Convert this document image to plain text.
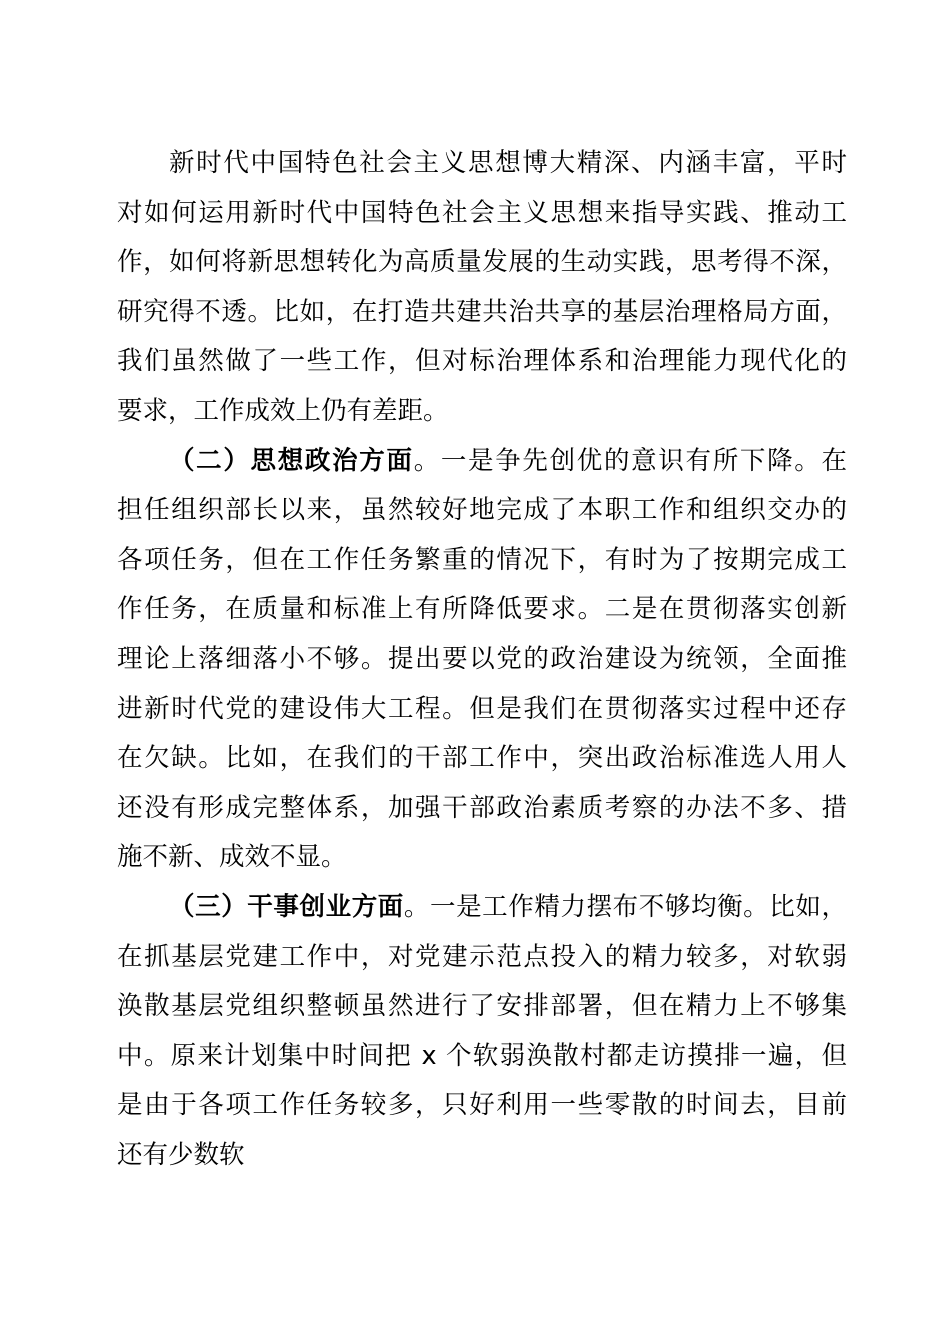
新时代中国特色社会主义思想博大精深、内涵丰富，平时
对如何运用新时代中国特色社会主义思想来指导实践、推动工
作，如何将新思想转化为高质量发展的生动实践，思考得不深，
研究得不透。比如，在打造共建共治共享的基层治理格局方面，
我们虽然做了一些工作，但对标治理体系和治理能力现代化的
要求，工作成效上仍有差距。
（二）思想政治方面。一是争先创优的意识有所下降。在
担任组织部长以来，虽然较好地完成了本职工作和组织交办的
各项任务，但在工作任务繁重的情况下，有时为了按期完成工
作任务，在质量和标准上有所降低要求。二是在贯彻落实创新
理论上落细落小不够。提出要以党的政治建设为统领，全面推
进新时代党的建设伟大工程。但是我们在贯彻落实过程中还存
在欠缺。比如，在我们的干部工作中，突出政治标准选人用人
还没有形成完整体系，加强干部政治素质考察的办法不多、措
施不新、成效不显。
（三）干事创业方面。一是工作精力摆布不够均衡。比如，
在抓基层党建工作中，对党建示范点投入的精力较多，对软弱
涣散基层党组织整顿虽然进行了安排部署，但在精力上不够集
中。原来计划集中时间把 x 个软弱涣散村都走访摸排一遍，但
是由于各项工作任务较多，只好利用一些零散的时间去，目前
还有少数软
